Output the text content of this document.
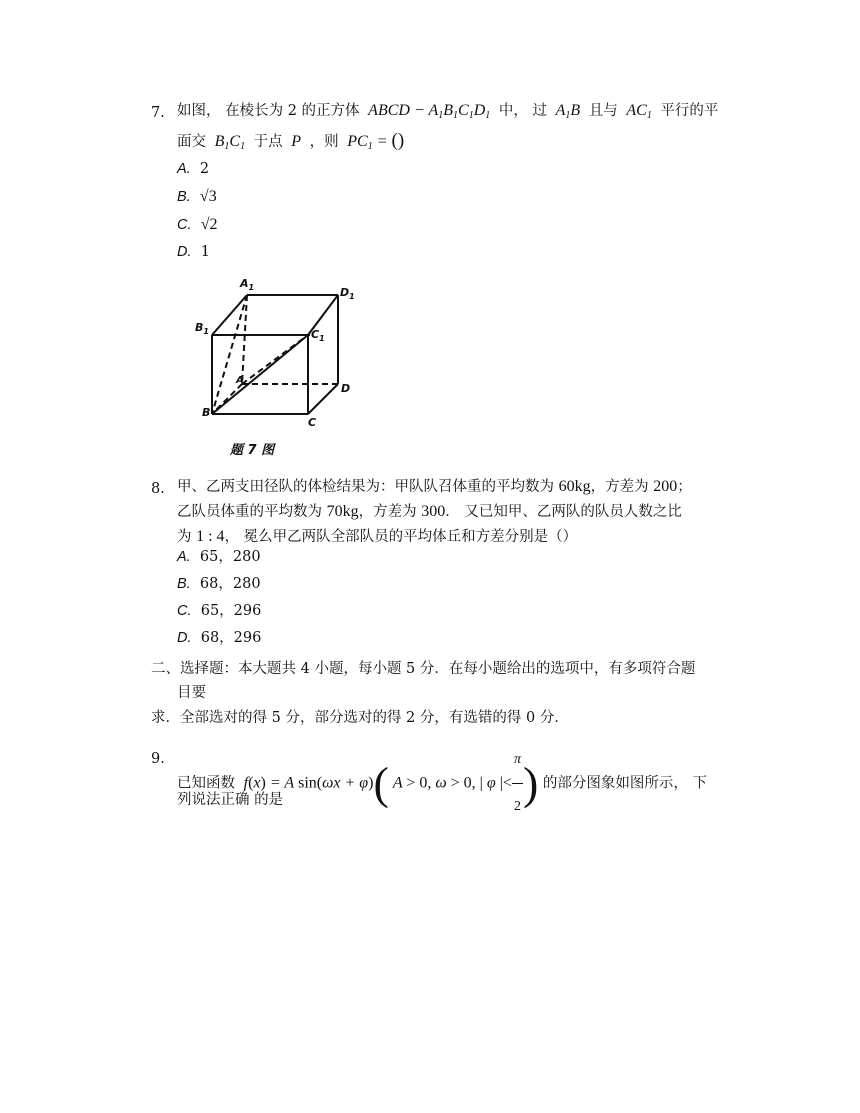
7. 如图， 在棱长为 2 的正方体  ABCD − $A_1B_1C_1D_1$ 中， 过  $A_1B$  且与  $AC_1$ 平行的平
面交  $B_1C_1$ 于点  P  ，则  $PC_1$ = ()
A. 2
B. √3
C. √2
D. 1
$A_1$	$D_1$
$B_1$	$C_1$
A
D
B
C
题 7 图
8. 甲、乙两支田径队的体检结果为：甲队队召体重的平均数为 60kg，方差为 200；
乙队员体重的平均数为 70kg，方差为 300． 又已知甲、乙两队的队员人数之比
为 1 : 4， 冕么甲乙两队全部队员的平均体丘和方差分别是（）
A. 65，280
B. 68，280
C. 65，296
D. 68，296
二、选择题：本大题共 4 小题，每小题 5 分．在每小题给出的选项中，有多项符合题
目要
求．全部选对的得 5 分，部分选对的得 2 分，有选错的得 0 分．
9.
已知函数  f(x) = A sin(ωx + φ)( A > 0, ω > 0, | φ |< $\frac{\pi}{2}$ ) 的部分图象如图所示， 下
列说法正确 的是
